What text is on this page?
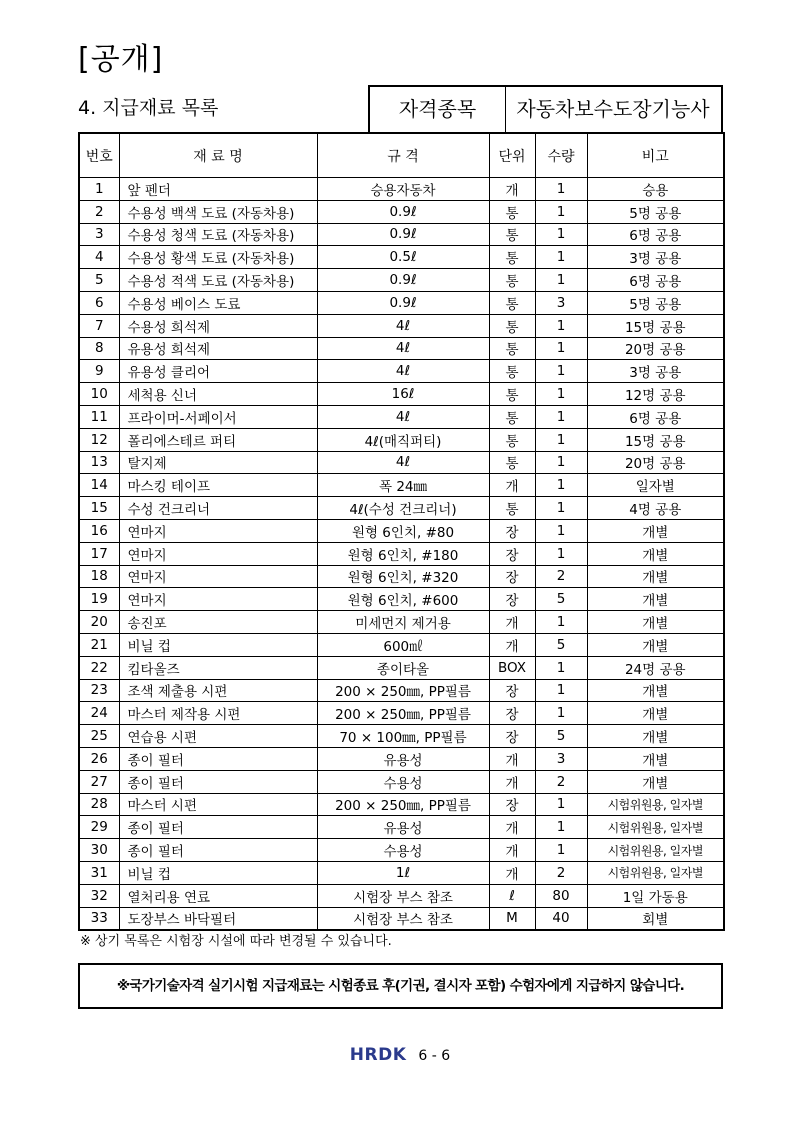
[공개]
4. 지급재료 목록	자격종목	자동차보수도장기능사
번호	재 료 명	규 격	단위	수량	비고
1	앞 펜더	승용자동차	개	1	승용
2	수용성 백색 도료 (자동차용)	0.9ℓ	통	1	5명 공용
3	수용성 청색 도료 (자동차용)	0.9ℓ	통	1	6명 공용
4	수용성 황색 도료 (자동차용)	0.5ℓ	통	1	3명 공용
5	수용성 적색 도료 (자동차용)	0.9ℓ	통	1	6명 공용
6	수용성 베이스 도료	0.9ℓ	통	3	5명 공용
7	수용성 희석제	4ℓ	통	1	15명 공용
8	유용성 희석제	4ℓ	통	1	20명 공용
9	유용성 클리어	4ℓ	통	1	3명 공용
10	세척용 신너	16ℓ	통	1	12명 공용
11	프라이머-서페이서	4ℓ	통	1	6명 공용
12	폴리에스테르 퍼티	4ℓ(매직퍼티)	통	1	15명 공용
13	탈지제	4ℓ	통	1	20명 공용
14	마스킹 테이프	폭 24㎜	개	1	일자별
15	수성 건크리너	4ℓ(수성 건크리너)	통	1	4명 공용
16	연마지	원형 6인치, #80	장	1	개별
17	연마지	원형 6인치, #180	장	1	개별
18	연마지	원형 6인치, #320	장	2	개별
19	연마지	원형 6인치, #600	장	5	개별
20	송진포	미세먼지 제거용	개	1	개별
21	비닐 컵	600㎖	개	5	개별
22	킴타올즈	종이타올	BOX	1	24명 공용
23	조색 제출용 시편	200 × 250㎜, PP필름	장	1	개별
24	마스터 제작용 시편	200 × 250㎜, PP필름	장	1	개별
25	연습용 시편	70 × 100㎜, PP필름	장	5	개별
26	종이 필터	유용성	개	3	개별
27	종이 필터	수용성	개	2	개별
28	마스터 시편	200 × 250㎜, PP필름	장	1	시험위원용, 일자별
29	종이 필터	유용성	개	1	시험위원용, 일자별
30	종이 필터	수용성	개	1	시험위원용, 일자별
31	비닐 컵	1ℓ	개	2	시험위원용, 일자별
32	열처리용 연료	시험장 부스 참조	ℓ	80	1일 가동용
33	도장부스 바닥필터	시험장 부스 참조	M	40	회별
※ 상기 목록은 시험장 시설에 따라 변경될 수 있습니다.
※국가기술자격 실기시험 지급재료는 시험종료 후(기권, 결시자 포함) 수험자에게 지급하지 않습니다.
HRDK 6 - 6
